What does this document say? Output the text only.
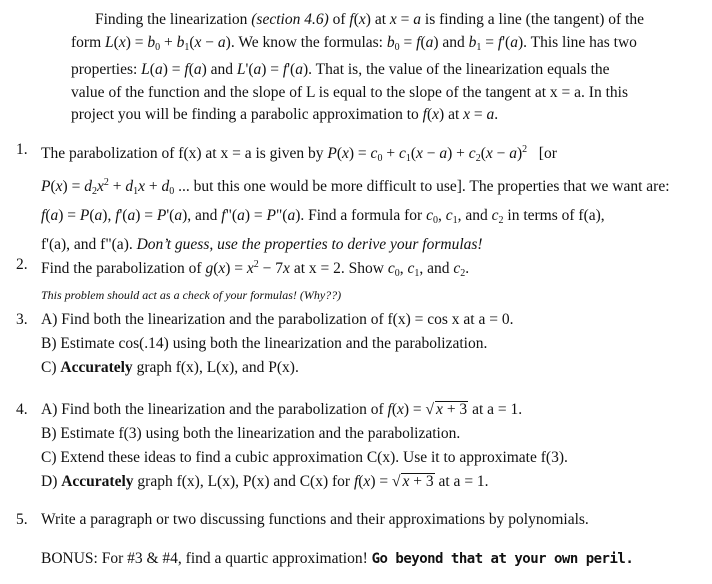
Finding the linearization (section 4.6) of f(x) at x = a is finding a line (the tangent) of the
form $L(x) = b_0 + b_1(x - a)$. We know the formulas: $b_0 = f(a)$ and $b_1 = f'(a)$. This line has two
properties: L(a) = f(a) and L'(a) = f'(a). That is, the value of the linearization equals the
value of the function and the slope of L is equal to the slope of the tangent at x = a. In this
project you will be finding a parabolic approximation to f(x) at x = a.

1. The parabolization of f(x) at x = a is given by $P(x) = c_0 + c_1(x - a) + c_2(x - a)^2$ [or
$P(x) = d_2x^2 + d_1x + d_0$ ... but this one would be more difficult to use]. The properties that we want are:
f(a) = P(a), f'(a) = P'(a), and f"(a) = P"(a). Find a formula for $c_0$, $c_1$, and $c_2$ in terms of f(a),
f'(a), and f"(a). Don’t guess, use the properties to derive your formulas!
2. Find the parabolization of $g(x) = x^2 - 7x$ at x = 2. Show $c_0$, $c_1$, and $c_2$.
This problem should act as a check of your formulas! (Why??)
3. A) Find both the linearization and the parabolization of f(x) = cos x at a = 0.
B) Estimate cos(.14) using both the linearization and the parabolization.
C) Accurately graph f(x), L(x), and P(x).
4. A) Find both the linearization and the parabolization of f(x) = √ x + 3 at a = 1.
B) Estimate f(3) using both the linearization and the parabolization.
C) Extend these ideas to find a cubic approximation C(x). Use it to approximate f(3).
D) Accurately graph f(x), L(x), P(x) and C(x) for f(x) = √ x + 3 at a = 1.
5. Write a paragraph or two discussing functions and their approximations by polynomials.
BONUS: For #3 & #4, find a quartic approximation! Go beyond that at your own peril.
